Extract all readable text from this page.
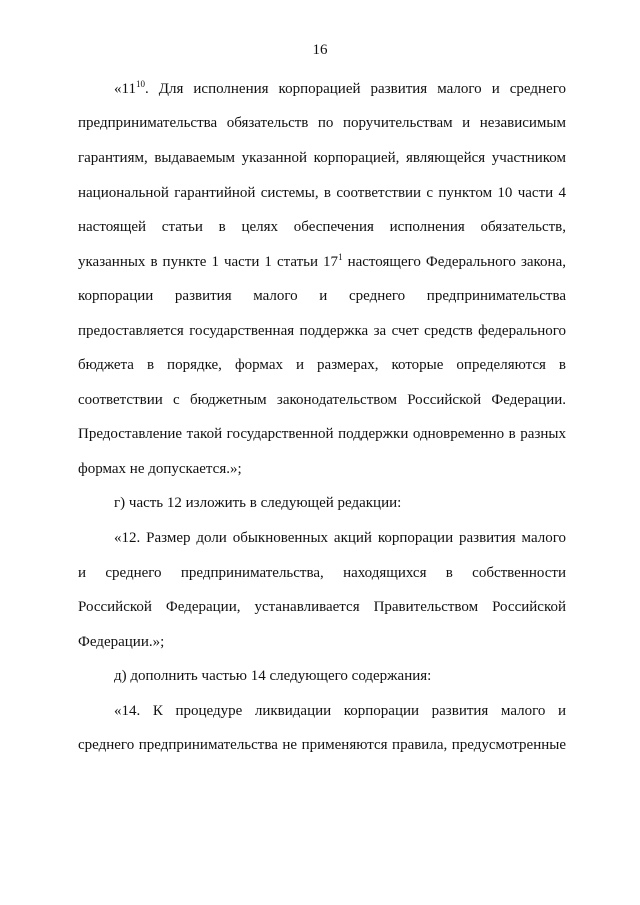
16
«$11^{10}$. Для исполнения корпорацией развития малого и среднего
предпринимательства обязательств по поручительствам и независимым
гарантиям, выдаваемым указанной корпорацией, являющейся участником
национальной гарантийной системы, в соответствии с пунктом 10 части 4
настоящей статьи в целях обеспечения исполнения обязательств,
указанных в пункте 1 части 1 статьи $17^1$ настоящего Федерального закона,
корпорации развития малого и среднего предпринимательства
предоставляется государственная поддержка за счет средств федерального
бюджета в порядке, формах и размерах, которые определяются в
соответствии с бюджетным законодательством Российской Федерации.
Предоставление такой государственной поддержки одновременно в разных
формах не допускается.»;
г) часть 12 изложить в следующей редакции:
«12. Размер доли обыкновенных акций корпорации развития малого
и среднего предпринимательства, находящихся в собственности
Российской Федерации, устанавливается Правительством Российской
Федерации.»;
д) дополнить частью 14 следующего содержания:
«14. К процедуре ликвидации корпорации развития малого и
среднего предпринимательства не применяются правила, предусмотренные
